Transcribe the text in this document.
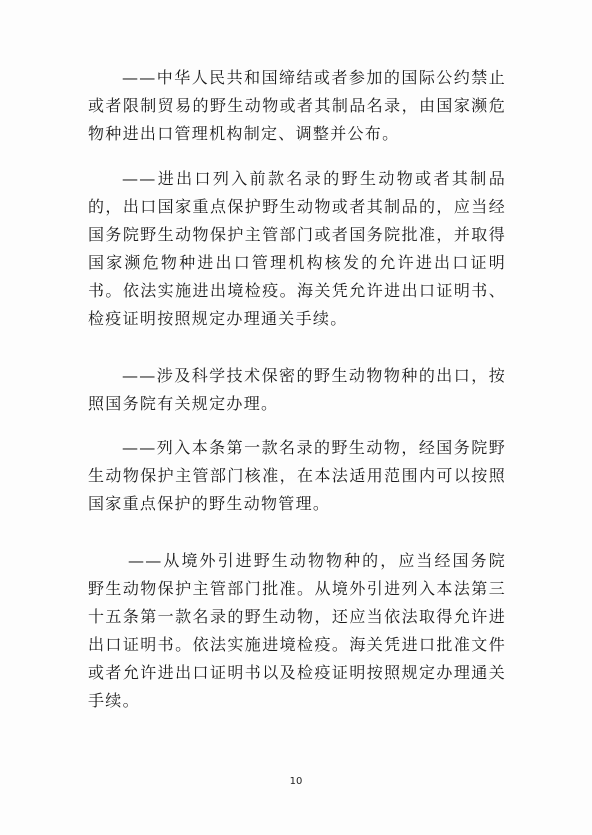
——中华人民共和国缔结或者参加的国际公约禁止或者限制贸易的野生动物或者其制品名录，由国家濒危物种进出口管理机构制定、调整并公布。

——进出口列入前款名录的野生动物或者其制品的，出口国家重点保护野生动物或者其制品的，应当经国务院野生动物保护主管部门或者国务院批准，并取得国家濒危物种进出口管理机构核发的允许进出口证明书。依法实施进出境检疫。海关凭允许进出口证明书、检疫证明按照规定办理通关手续。

——涉及科学技术保密的野生动物物种的出口，按照国务院有关规定办理。

——列入本条第一款名录的野生动物，经国务院野生动物保护主管部门核准，在本法适用范围内可以按照国家重点保护的野生动物管理。

——从境外引进野生动物物种的，应当经国务院野生动物保护主管部门批准。从境外引进列入本法第三十五条第一款名录的野生动物，还应当依法取得允许进出口证明书。依法实施进境检疫。海关凭进口批准文件或者允许进出口证明书以及检疫证明按照规定办理通关手续。

10
